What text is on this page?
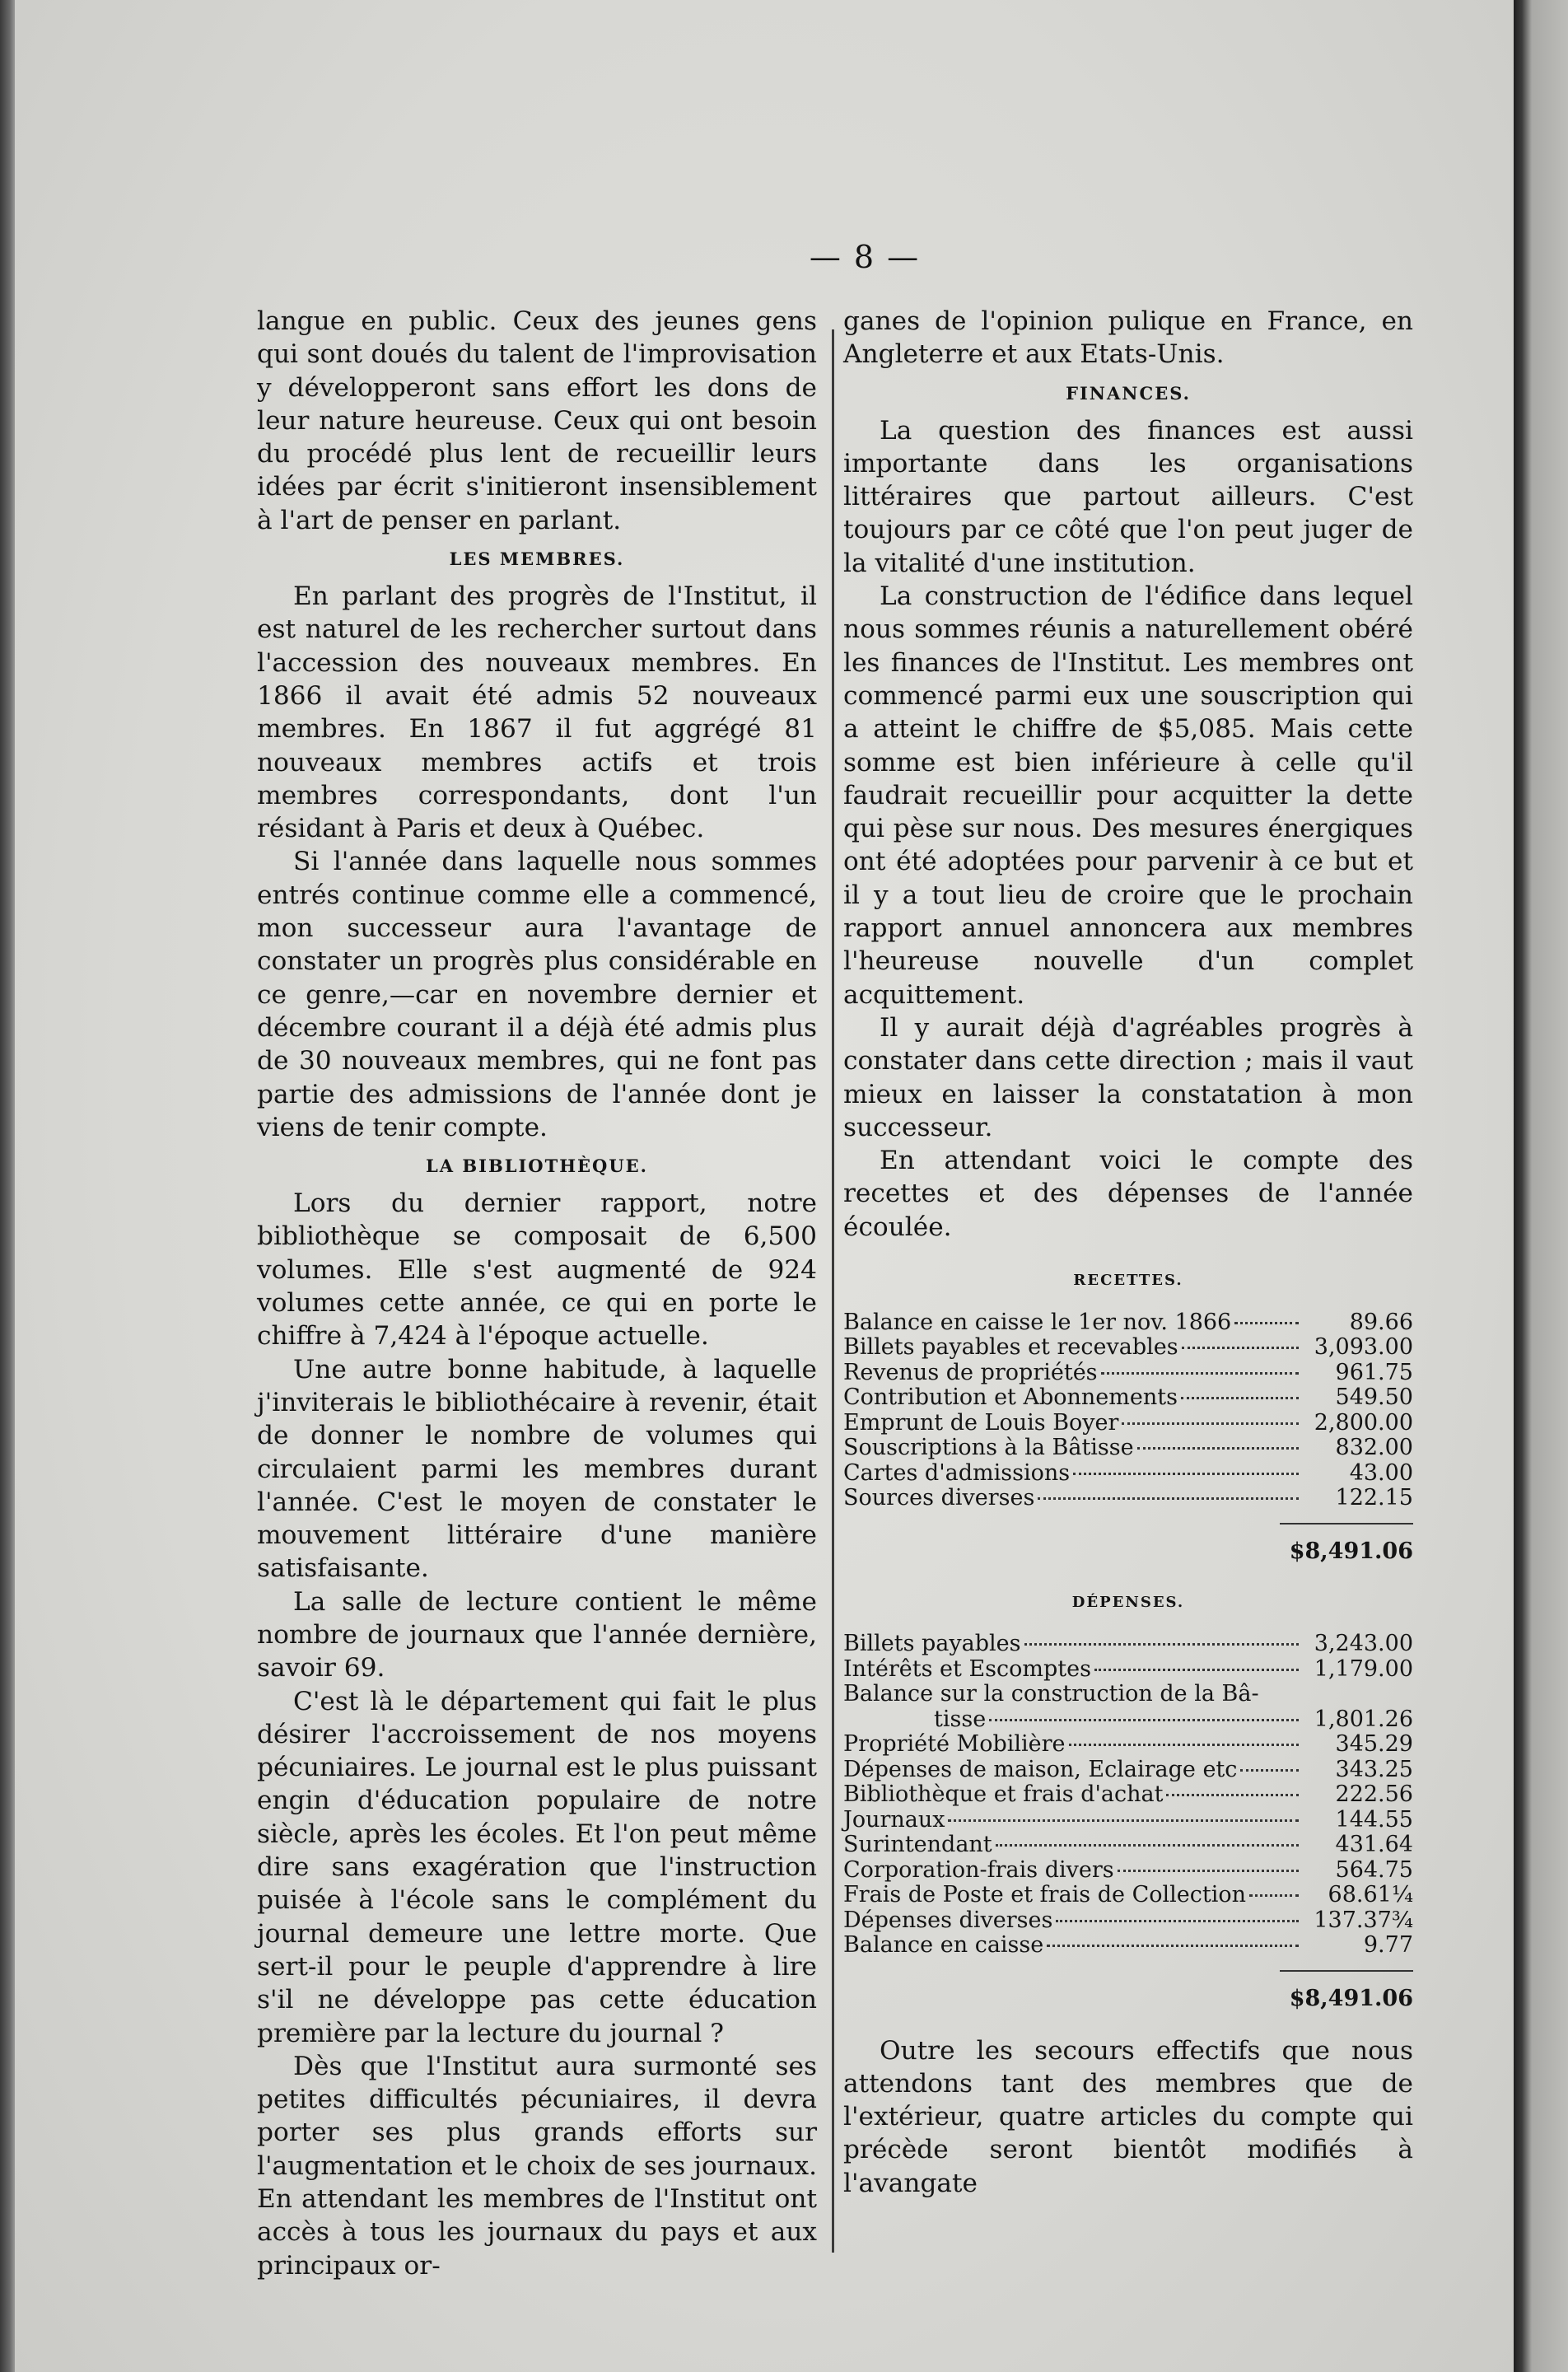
— 8 —

langue en public. Ceux des jeunes gens qui sont doués du talent de l'improvisation y développeront sans effort les dons de leur nature heureuse. Ceux qui ont besoin du procédé plus lent de recueillir leurs idées par écrit s'initieront insensiblement à l'art de penser en parlant.

LES MEMBRES.

En parlant des progrès de l'Institut, il est naturel de les rechercher surtout dans l'accession des nouveaux membres. En 1866 il avait été admis 52 nouveaux membres. En 1867 il fut aggrégé 81 nouveaux membres actifs et trois membres correspondants, dont l'un résidant à Paris et deux à Québec.

Si l'année dans laquelle nous sommes entrés continue comme elle a commencé, mon successeur aura l'avantage de constater un progrès plus considérable en ce genre,—car en novembre dernier et décembre courant il a déjà été admis plus de 30 nouveaux membres, qui ne font pas partie des admissions de l'année dont je viens de tenir compte.

LA BIBLIOTHÈQUE.

Lors du dernier rapport, notre bibliothèque se composait de 6,500 volumes. Elle s'est augmenté de 924 volumes cette année, ce qui en porte le chiffre à 7,424 à l'époque actuelle.

Une autre bonne habitude, à laquelle j'inviterais le bibliothécaire à revenir, était de donner le nombre de volumes qui circulaient parmi les membres durant l'année. C'est le moyen de constater le mouvement littéraire d'une manière satisfaisante.

La salle de lecture contient le même nombre de journaux que l'année dernière, savoir 69.

C'est là le département qui fait le plus désirer l'accroissement de nos moyens pécuniaires. Le journal est le plus puissant engin d'éducation populaire de notre siècle, après les écoles. Et l'on peut même dire sans exagération que l'instruction puisée à l'école sans le complément du journal demeure une lettre morte. Que sert-il pour le peuple d'apprendre à lire s'il ne développe pas cette éducation première par la lecture du journal ?

Dès que l'Institut aura surmonté ses petites difficultés pécuniaires, il devra porter ses plus grands efforts sur l'augmentation et le choix de ses journaux. En attendant les membres de l'Institut ont accès à tous les journaux du pays et aux principaux or-

ganes de l'opinion pulique en France, en Angleterre et aux Etats-Unis.

FINANCES.

La question des finances est aussi importante dans les organisations littéraires que partout ailleurs. C'est toujours par ce côté que l'on peut juger de la vitalité d'une institution.

La construction de l'édifice dans lequel nous sommes réunis a naturellement obéré les finances de l'Institut. Les membres ont commencé parmi eux une souscription qui a atteint le chiffre de $5,085. Mais cette somme est bien inférieure à celle qu'il faudrait recueillir pour acquitter la dette qui pèse sur nous. Des mesures énergiques ont été adoptées pour parvenir à ce but et il y a tout lieu de croire que le prochain rapport annuel annoncera aux membres l'heureuse nouvelle d'un complet acquittement.

Il y aurait déjà d'agréables progrès à constater dans cette direction ; mais il vaut mieux en laisser la constatation à mon successeur.

En attendant voici le compte des recettes et des dépenses de l'année écoulée.

RECETTES.
Balance en caisse le 1er nov. 1866	89.66
Billets payables et recevables	3,093.00
Revenus de propriétés	961.75
Contribution et Abonnements	549.50
Emprunt de Louis Boyer	2,800.00
Souscriptions à la Bâtisse	832.00
Cartes d'admissions	43.00
Sources diverses	122.15
$8,491.06
DÉPENSES.
Billets payables	3,243.00
Intérêts et Escomptes	1,179.00
Balance sur la construction de la Bâ-
tisse	1,801.26
Propriété Mobilière	345.29
Dépenses de maison, Eclairage etc	343.25
Bibliothèque et frais d'achat	222.56
Journaux	144.55
Surintendant	431.64
Corporation-frais divers	564.75
Frais de Poste et frais de Collection	68.61¼
Dépenses diverses	137.37¾
Balance en caisse	9.77
$8,491.06

Outre les secours effectifs que nous attendons tant des membres que de l'extérieur, quatre articles du compte qui précède seront bientôt modifiés à l'avangate
